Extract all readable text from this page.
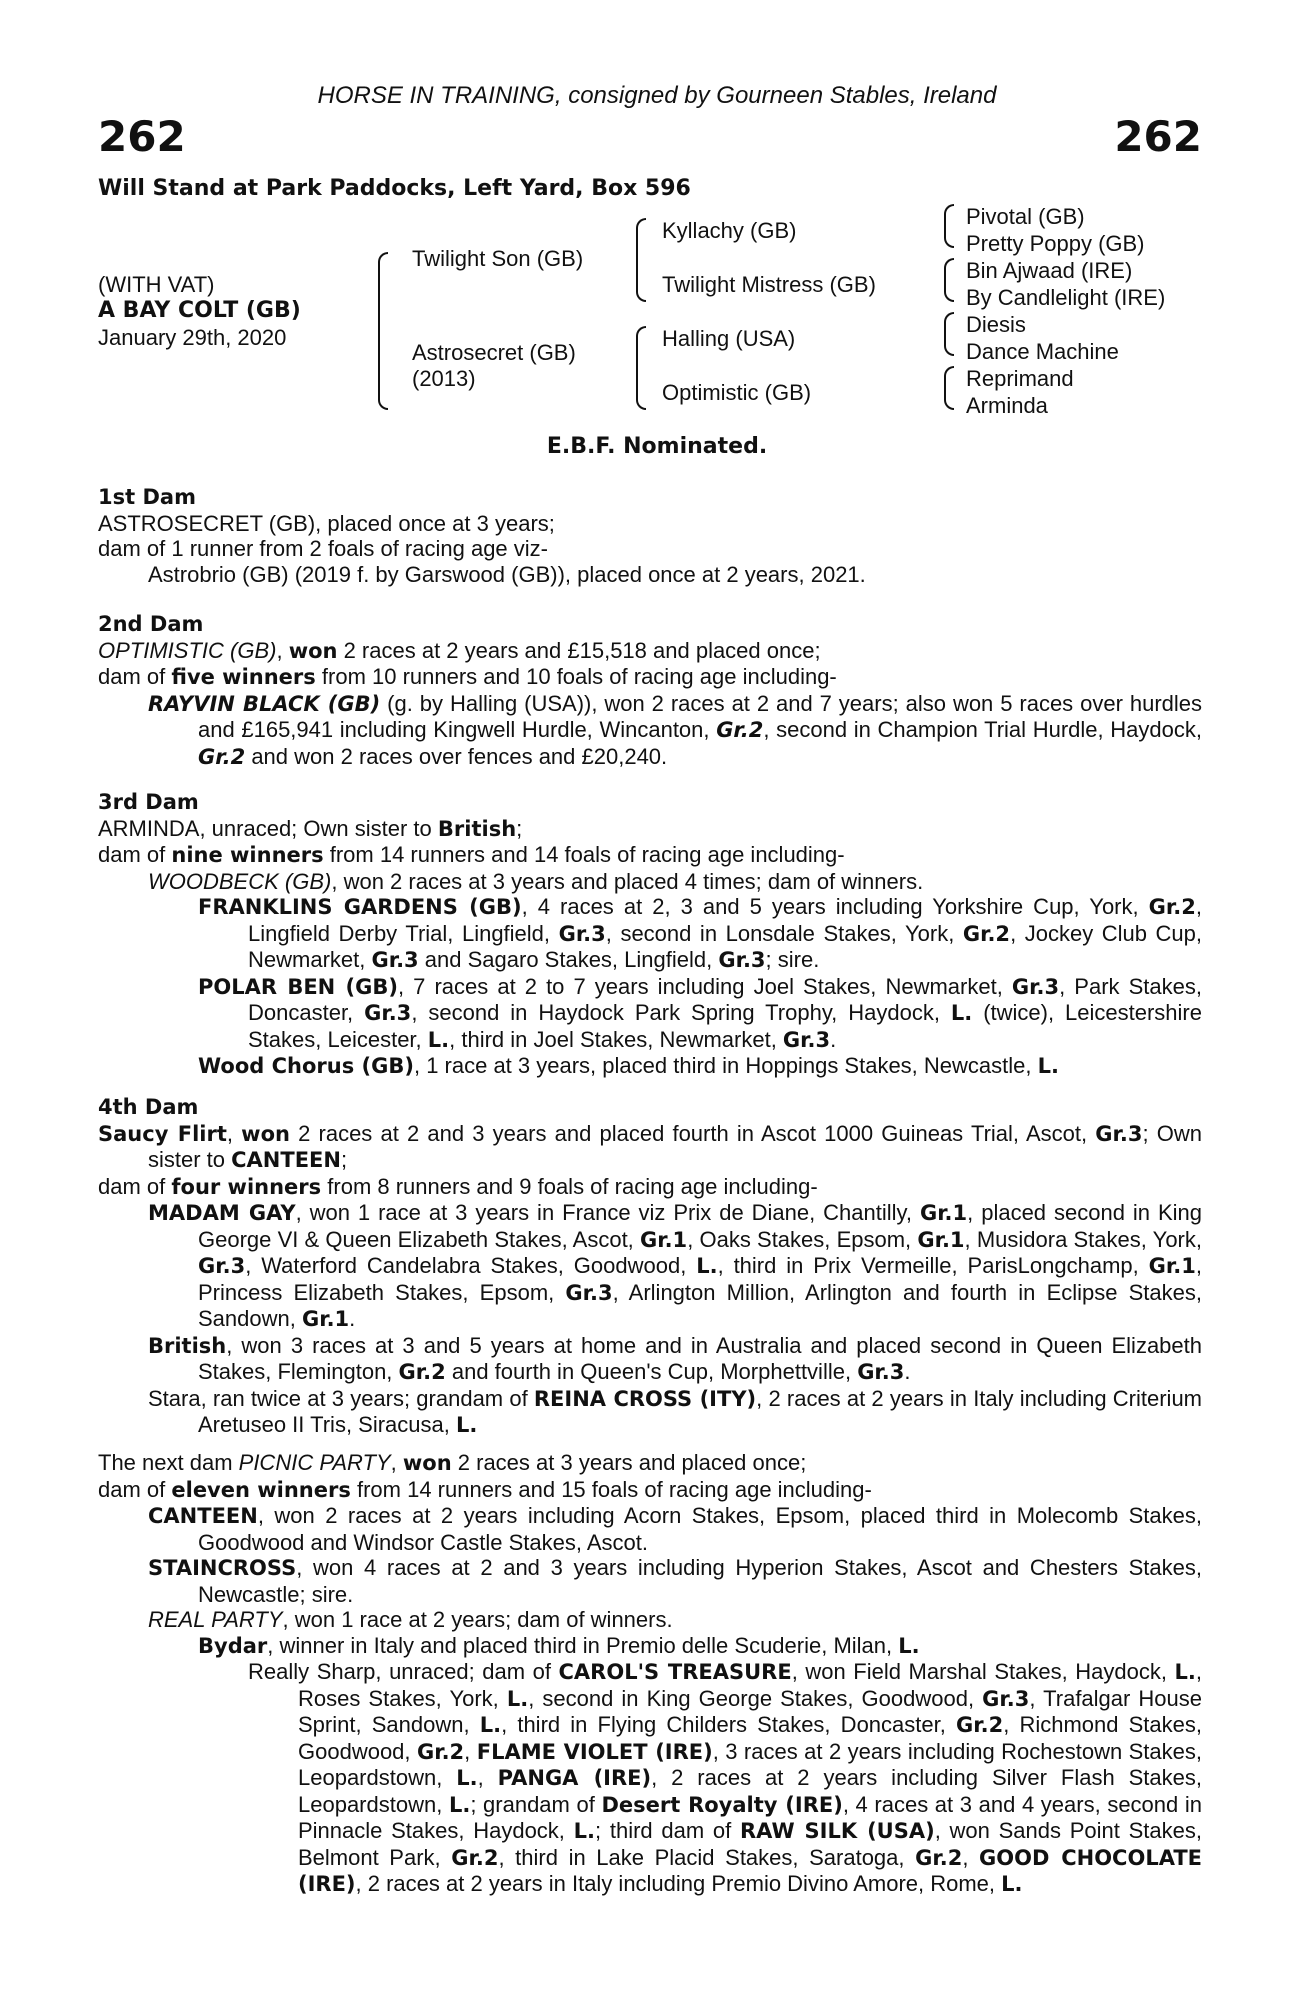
HORSE IN TRAINING, consigned by Gourneen Stables, Ireland
262	262
Will Stand at Park Paddocks, Left Yard, Box 596
(WITH VAT)
A BAY COLT (GB)
January 29th, 2020
Twilight Son (GB)
Astrosecret (GB)
(2013)
Kyllachy (GB)
Twilight Mistress (GB)
Halling (USA)
Optimistic (GB)
Pivotal (GB)
Pretty Poppy (GB)
Bin Ajwaad (IRE)
By Candlelight (IRE)
Diesis
Dance Machine
Reprimand
Arminda
E.B.F. Nominated.

1st Dam

ASTROSECRET (GB), placed once at 3 years;

dam of 1 runner from 2 foals of racing age viz-

Astrobrio (GB) (2019 f. by Garswood (GB)), placed once at 2 years, 2021.

2nd Dam

OPTIMISTIC (GB), won 2 races at 2 years and £15,518 and placed once;

dam of five winners from 10 runners and 10 foals of racing age including-

RAYVIN BLACK (GB) (g. by Halling (USA)), won 2 races at 2 and 7 years; also won 5 races over hurdles and £165,941 including Kingwell Hurdle, Wincanton, Gr.2, second in Champion Trial Hurdle, Haydock, Gr.2 and won 2 races over fences and £20,240.

3rd Dam

ARMINDA, unraced; Own sister to British;

dam of nine winners from 14 runners and 14 foals of racing age including-

WOODBECK (GB), won 2 races at 3 years and placed 4 times; dam of winners.

FRANKLINS GARDENS (GB), 4 races at 2, 3 and 5 years including Yorkshire Cup, York, Gr.2, Lingfield Derby Trial, Lingfield, Gr.3, second in Lonsdale Stakes, York, Gr.2, Jockey Club Cup, Newmarket, Gr.3 and Sagaro Stakes, Lingfield, Gr.3; sire.

POLAR BEN (GB), 7 races at 2 to 7 years including Joel Stakes, Newmarket, Gr.3, Park Stakes, Doncaster, Gr.3, second in Haydock Park Spring Trophy, Haydock, L. (twice), Leicestershire Stakes, Leicester, L., third in Joel Stakes, Newmarket, Gr.3.

Wood Chorus (GB), 1 race at 3 years, placed third in Hoppings Stakes, Newcastle, L.

4th Dam

Saucy Flirt, won 2 races at 2 and 3 years and placed fourth in Ascot 1000 Guineas Trial, Ascot, Gr.3; Own sister to CANTEEN;

dam of four winners from 8 runners and 9 foals of racing age including-

MADAM GAY, won 1 race at 3 years in France viz Prix de Diane, Chantilly, Gr.1, placed second in King George VI & Queen Elizabeth Stakes, Ascot, Gr.1, Oaks Stakes, Epsom, Gr.1, Musidora Stakes, York, Gr.3, Waterford Candelabra Stakes, Goodwood, L., third in Prix Vermeille, ParisLongchamp, Gr.1, Princess Elizabeth Stakes, Epsom, Gr.3, Arlington Million, Arlington and fourth in Eclipse Stakes, Sandown, Gr.1.

British, won 3 races at 3 and 5 years at home and in Australia and placed second in Queen Elizabeth Stakes, Flemington, Gr.2 and fourth in Queen's Cup, Morphettville, Gr.3.

Stara, ran twice at 3 years; grandam of REINA CROSS (ITY), 2 races at 2 years in Italy including Criterium Aretuseo II Tris, Siracusa, L.

The next dam PICNIC PARTY, won 2 races at 3 years and placed once;

dam of eleven winners from 14 runners and 15 foals of racing age including-

CANTEEN, won 2 races at 2 years including Acorn Stakes, Epsom, placed third in Molecomb Stakes, Goodwood and Windsor Castle Stakes, Ascot.

STAINCROSS, won 4 races at 2 and 3 years including Hyperion Stakes, Ascot and Chesters Stakes, Newcastle; sire.

REAL PARTY, won 1 race at 2 years; dam of winners.

Bydar, winner in Italy and placed third in Premio delle Scuderie, Milan, L.

Really Sharp, unraced; dam of CAROL'S TREASURE, won Field Marshal Stakes, Haydock, L., Roses Stakes, York, L., second in King George Stakes, Goodwood, Gr.3, Trafalgar House Sprint, Sandown, L., third in Flying Childers Stakes, Doncaster, Gr.2, Richmond Stakes, Goodwood, Gr.2, FLAME VIOLET (IRE), 3 races at 2 years including Rochestown Stakes, Leopardstown, L., PANGA (IRE), 2 races at 2 years including Silver Flash Stakes, Leopardstown, L.; grandam of Desert Royalty (IRE), 4 races at 3 and 4 years, second in Pinnacle Stakes, Haydock, L.; third dam of RAW SILK (USA), won Sands Point Stakes, Belmont Park, Gr.2, third in Lake Placid Stakes, Saratoga, Gr.2, GOOD CHOCOLATE (IRE), 2 races at 2 years in Italy including Premio Divino Amore, Rome, L.
